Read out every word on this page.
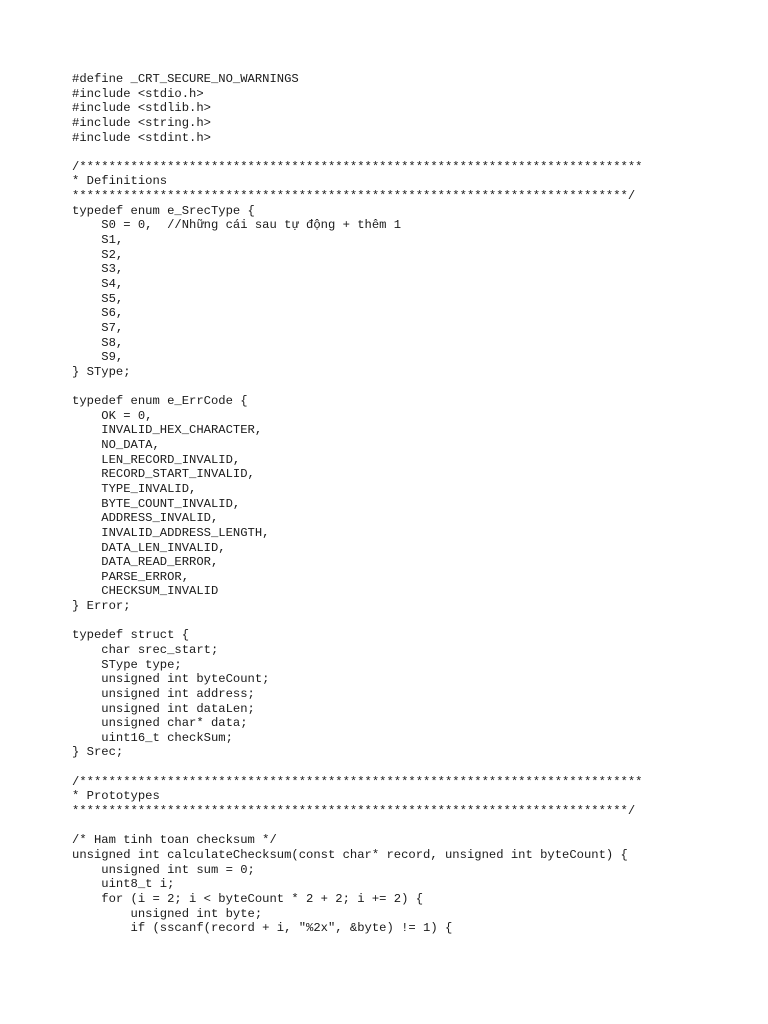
#define _CRT_SECURE_NO_WARNINGS
#include <stdio.h>
#include <stdlib.h>
#include <string.h>
#include <stdint.h>
/*****************************************************************************
* Definitions
****************************************************************************/
typedef enum e_SrecType {
S0 = 0,  //Những cái sau tự động + thêm 1
S1,
S2,
S3,
S4,
S5,
S6,
S7,
S8,
S9,
} SType;
typedef enum e_ErrCode {
OK = 0,
INVALID_HEX_CHARACTER,
NO_DATA,
LEN_RECORD_INVALID,
RECORD_START_INVALID,
TYPE_INVALID,
BYTE_COUNT_INVALID,
ADDRESS_INVALID,
INVALID_ADDRESS_LENGTH,
DATA_LEN_INVALID,
DATA_READ_ERROR,
PARSE_ERROR,
CHECKSUM_INVALID
} Error;
typedef struct {
char srec_start;
SType type;
unsigned int byteCount;
unsigned int address;
unsigned int dataLen;
unsigned char* data;
uint16_t checkSum;
} Srec;
/*****************************************************************************
* Prototypes
****************************************************************************/
/* Ham tinh toan checksum */
unsigned int calculateChecksum(const char* record, unsigned int byteCount) {
unsigned int sum = 0;
uint8_t i;
for (i = 2; i < byteCount * 2 + 2; i += 2) {
unsigned int byte;
if (sscanf(record + i, "%2x", &byte) != 1) {
